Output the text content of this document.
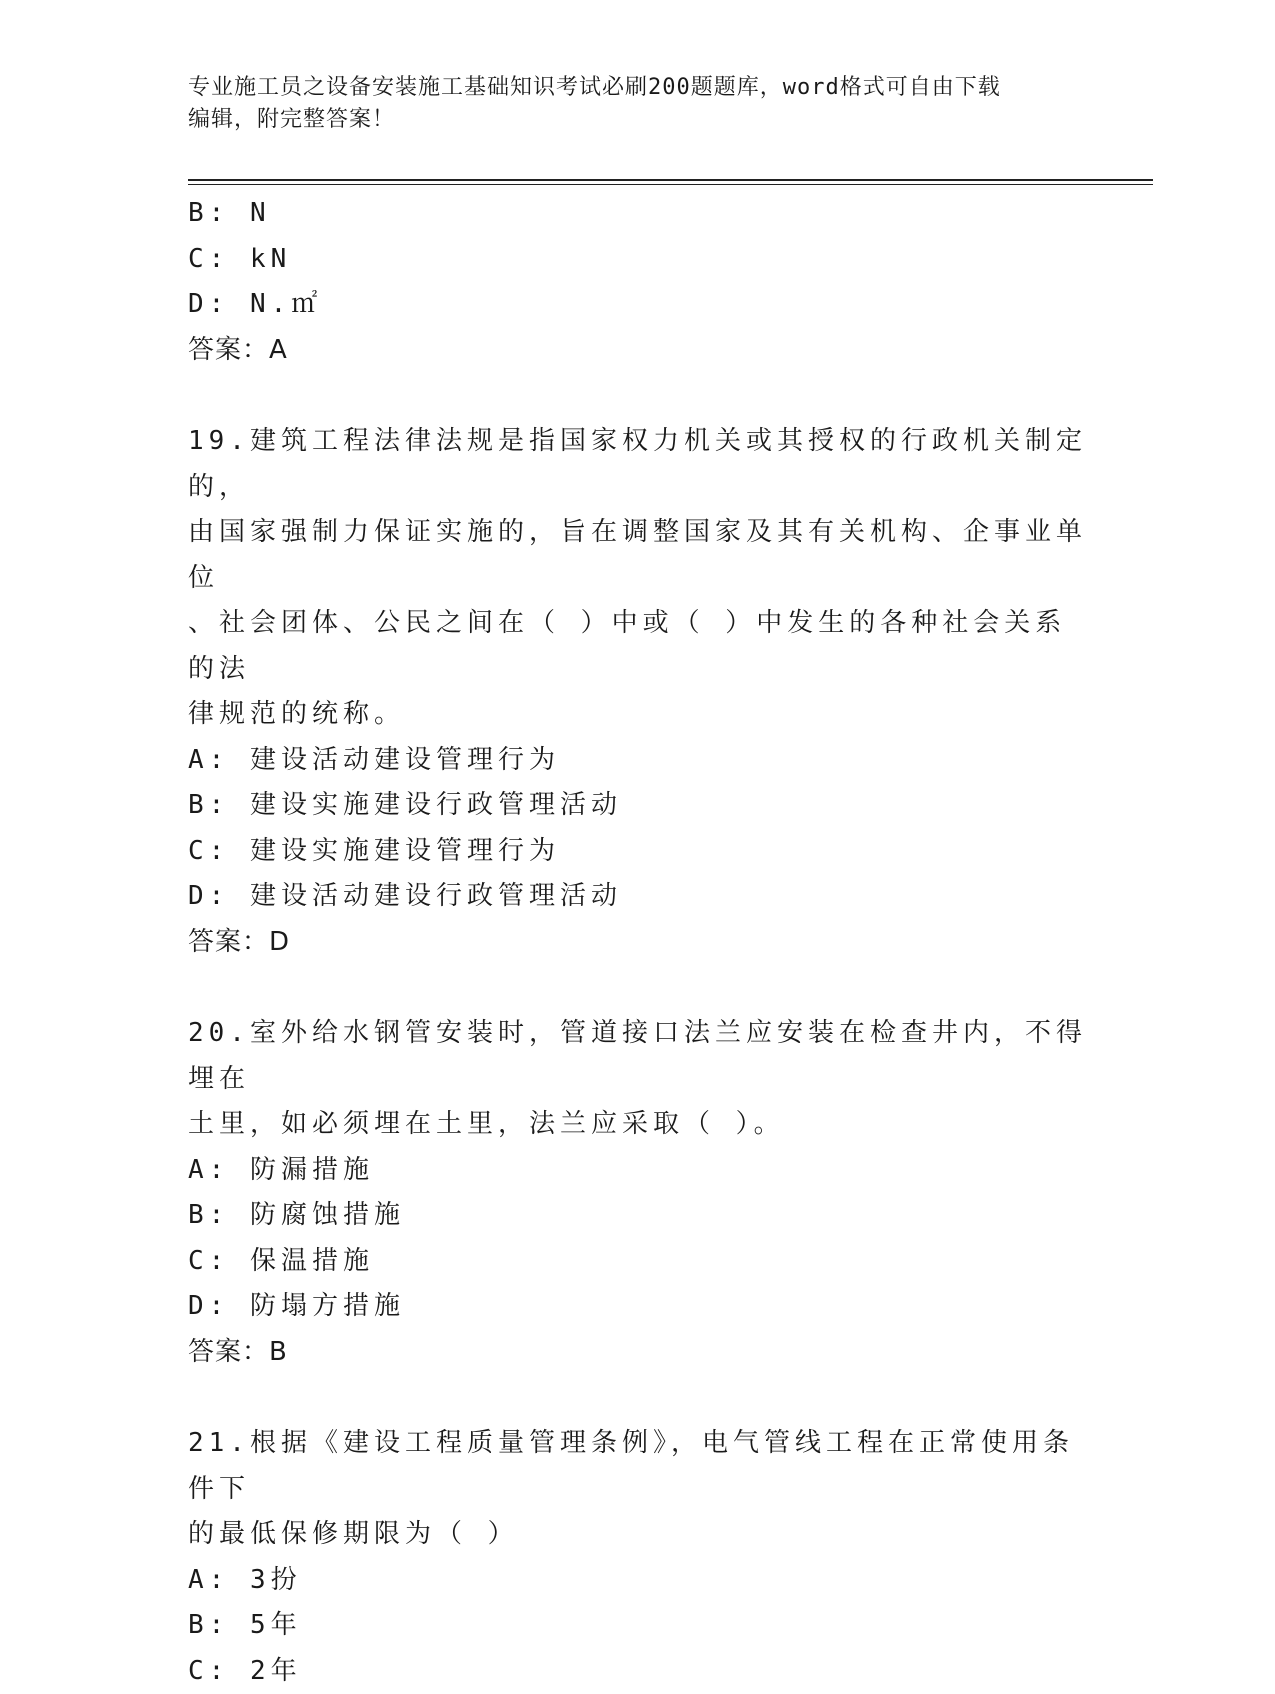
专业施工员之设备安装施工基础知识考试必刷200题题库，word格式可自由下载
编辑，附完整答案！

B: N

C: kN

D: N.㎡

答案：A

19.建筑工程法律法规是指国家权力机关或其授权的行政机关制定的，
由国家强制力保证实施的，旨在调整国家及其有关机构、企事业单位
、社会团体、公民之间在（ ）中或（ ）中发生的各种社会关系的法
律规范的统称。

A: 建设活动建设管理行为

B: 建设实施建设行政管理活动

C: 建设实施建设管理行为

D: 建设活动建设行政管理活动

答案：D

20.室外给水钢管安装时，管道接口法兰应安装在检查井内，不得埋在
土里，如必须埋在土里，法兰应采取（ ）。

A: 防漏措施

B: 防腐蚀措施

C: 保温措施

D: 防塌方措施

答案：B

21.根据《建设工程质量管理条例》，电气管线工程在正常使用条件下
的最低保修期限为（ ）

A: 3扮

B: 5年

C: 2年
